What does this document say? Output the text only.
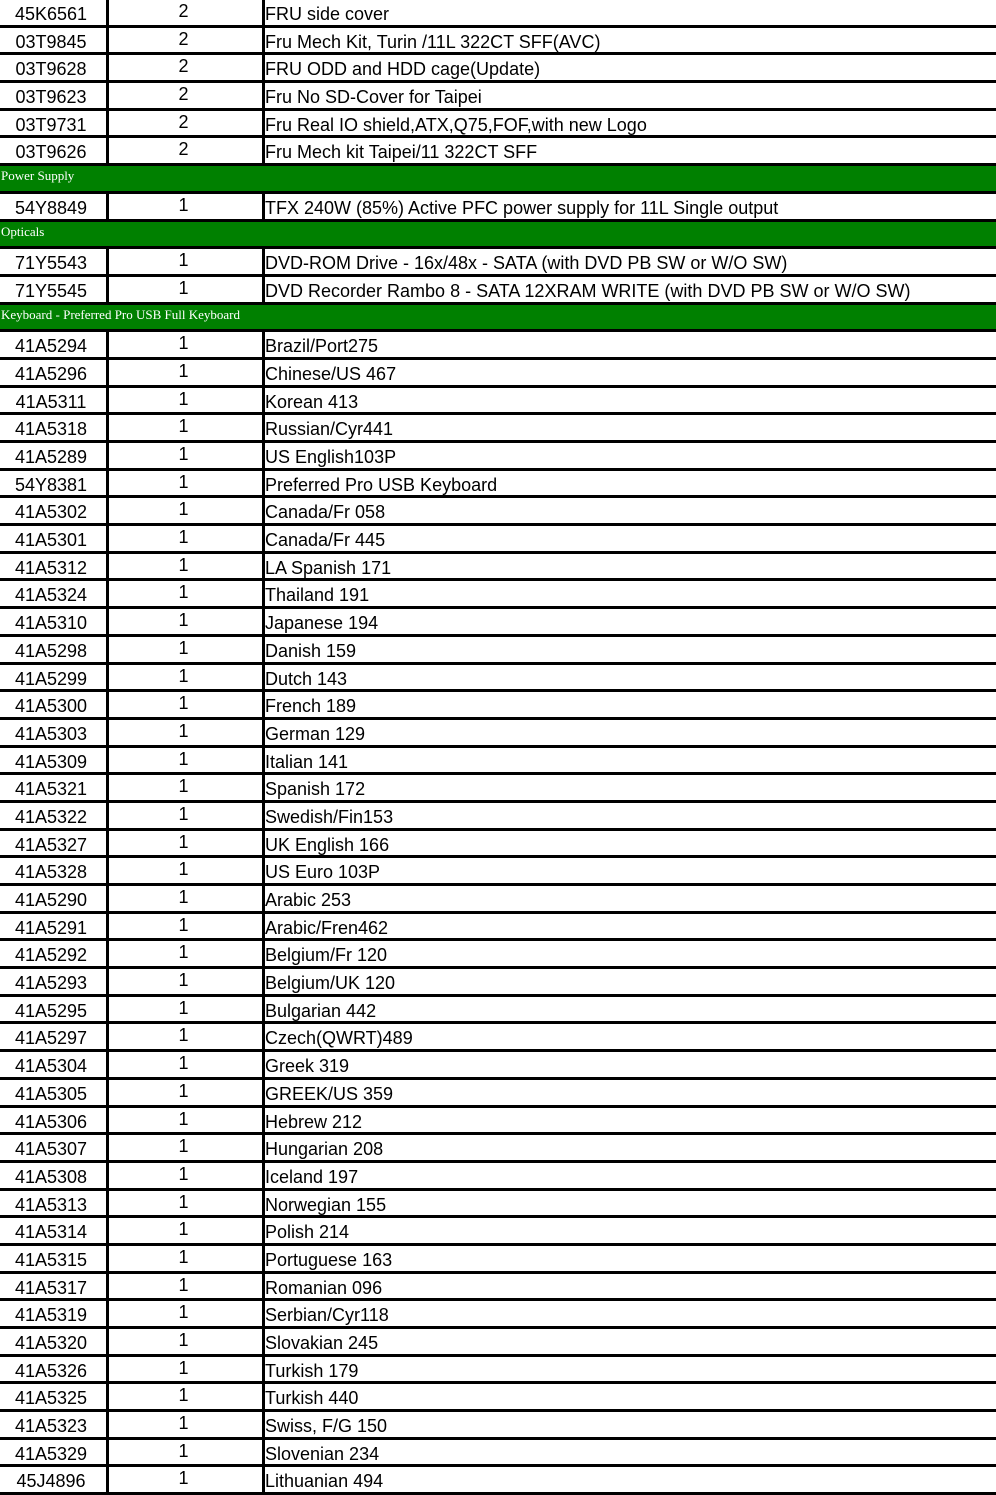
45K6561	2	FRU side cover
03T9845	2	Fru Mech Kit, Turin /11L 322CT SFF(AVC)
03T9628	2	FRU ODD and HDD cage(Update)
03T9623	2	Fru No SD-Cover for Taipei
03T9731	2	Fru Real IO shield,ATX,Q75,FOF,with new Logo
03T9626	2	Fru Mech kit Taipei/11 322CT SFF
Power Supply
54Y8849	1	TFX 240W (85%) Active PFC power supply for 11L Single output
Opticals
71Y5543	1	DVD-ROM Drive - 16x/48x - SATA (with DVD PB SW or W/O SW)
71Y5545	1	DVD Recorder Rambo 8 - SATA 12XRAM WRITE (with DVD PB SW or W/O SW)
Keyboard - Preferred Pro USB Full Keyboard
41A5294	1	Brazil/Port275
41A5296	1	Chinese/US 467
41A5311	1	Korean 413
41A5318	1	Russian/Cyr441
41A5289	1	US English103P
54Y8381	1	Preferred Pro USB Keyboard
41A5302	1	Canada/Fr 058
41A5301	1	Canada/Fr 445
41A5312	1	LA Spanish 171
41A5324	1	Thailand 191
41A5310	1	Japanese 194
41A5298	1	Danish 159
41A5299	1	Dutch 143
41A5300	1	French 189
41A5303	1	German 129
41A5309	1	Italian 141
41A5321	1	Spanish 172
41A5322	1	Swedish/Fin153
41A5327	1	UK English 166
41A5328	1	US Euro 103P
41A5290	1	Arabic 253
41A5291	1	Arabic/Fren462
41A5292	1	Belgium/Fr 120
41A5293	1	Belgium/UK 120
41A5295	1	Bulgarian 442
41A5297	1	Czech(QWRT)489
41A5304	1	Greek 319
41A5305	1	GREEK/US 359
41A5306	1	Hebrew 212
41A5307	1	Hungarian 208
41A5308	1	Iceland 197
41A5313	1	Norwegian 155
41A5314	1	Polish 214
41A5315	1	Portuguese 163
41A5317	1	Romanian 096
41A5319	1	Serbian/Cyr118
41A5320	1	Slovakian 245
41A5326	1	Turkish 179
41A5325	1	Turkish 440
41A5323	1	Swiss, F/G 150
41A5329	1	Slovenian 234
45J4896	1	Lithuanian 494
